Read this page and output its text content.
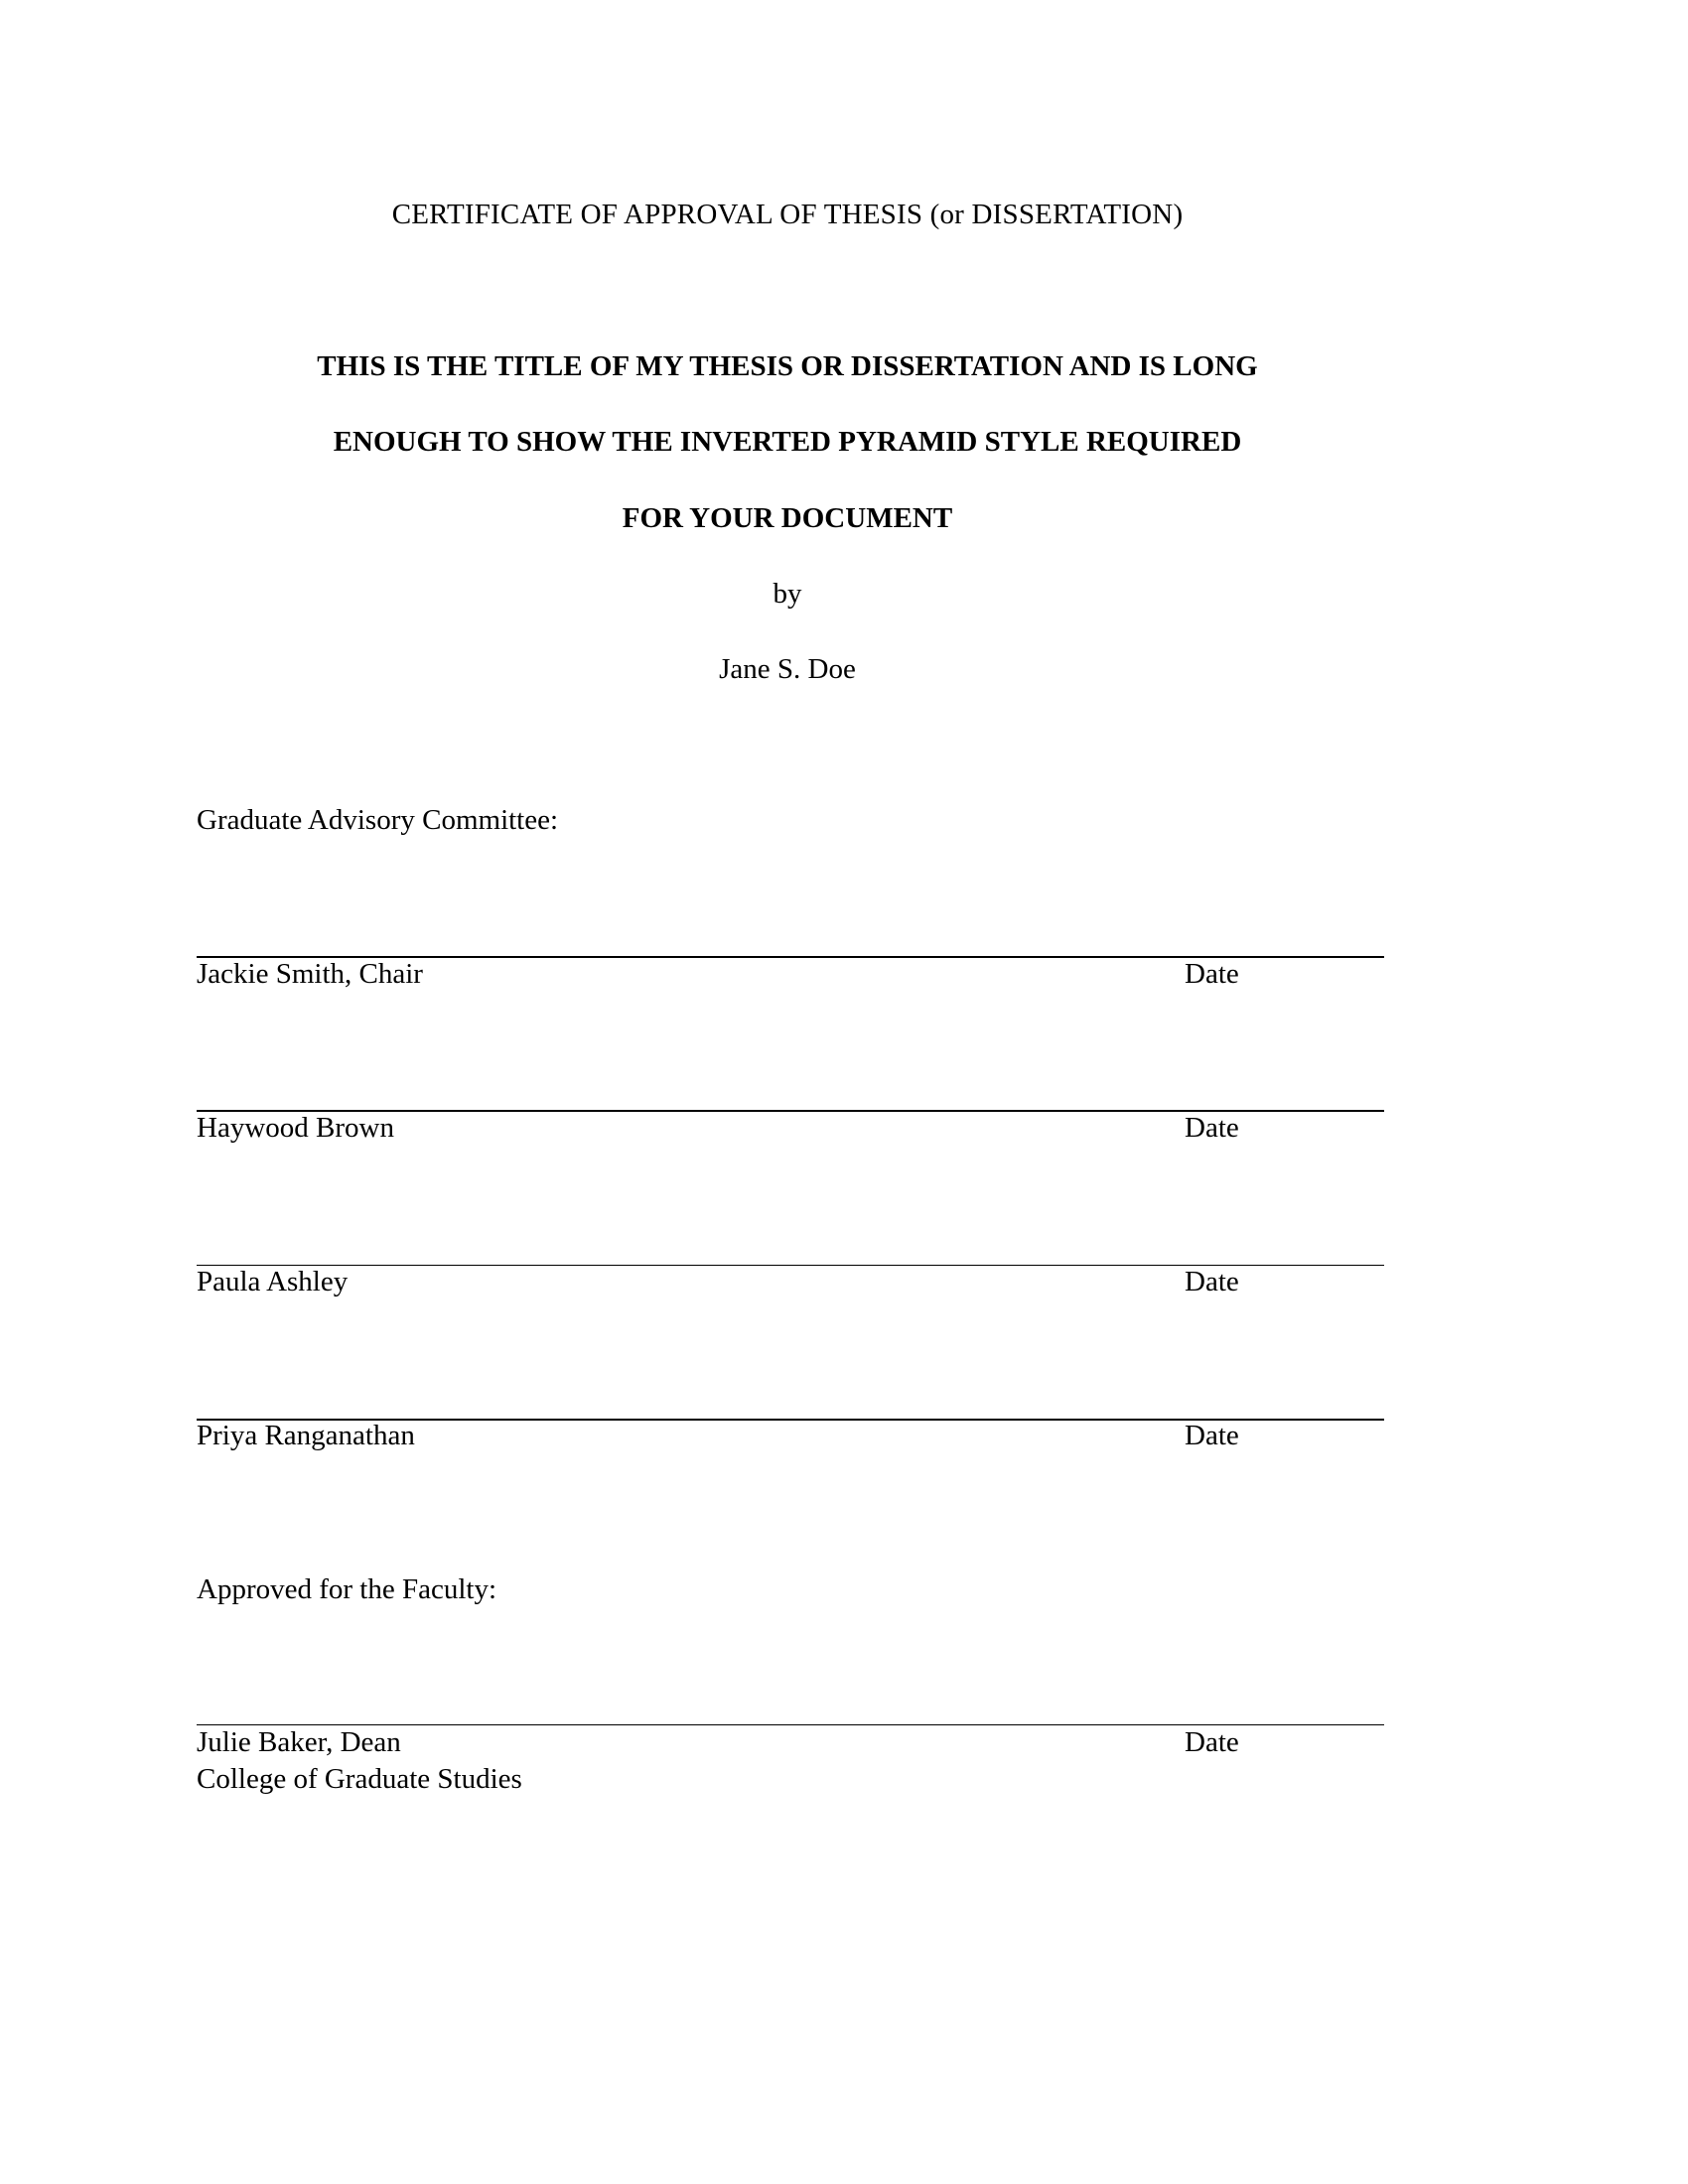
CERTIFICATE OF APPROVAL OF THESIS (or DISSERTATION)
THIS IS THE TITLE OF MY THESIS OR DISSERTATION AND IS LONG
ENOUGH TO SHOW THE INVERTED PYRAMID STYLE REQUIRED
FOR YOUR DOCUMENT
by
Jane S. Doe
Graduate Advisory Committee:
Jackie Smith, Chair	Date
Haywood Brown	Date
Paula Ashley	Date
Priya Ranganathan	Date
Approved for the Faculty:
Julie Baker, Dean	Date
College of Graduate Studies
